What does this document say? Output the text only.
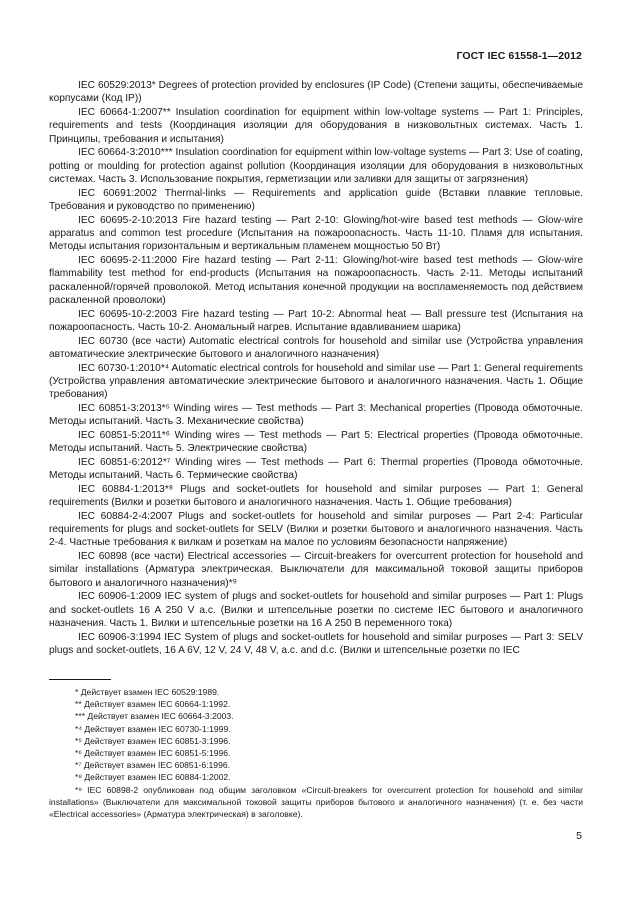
ГОСТ IEC 61558-1—2012

IEC 60529:2013* Degrees of protection provided by enclosures (IP Code) (Степени защиты, обеспечиваемые корпусами (Код IP))

IEC 60664-1:2007** Insulation coordination for equipment within low-voltage systems — Part 1: Principles, requirements and tests (Координация изоляции для оборудования в низковольтных системах. Часть 1. Принципы, требования и испытания)

IEC 60664-3:2010*** Insulation coordination for equipment within low-voltage systems — Part 3: Use of coating, potting or moulding for protection against pollution (Координация изоляции для оборудования в низковольтных системах. Часть 3. Использование покрытия, герметизации или заливки для защиты от загрязнения)

IEC 60691:2002 Thermal-links — Requirements and application guide (Вставки плавкие тепловые. Требования и руководство по применению)

IEC 60695-2-10:2013 Fire hazard testing — Part 2-10: Glowing/hot-wire based test methods — Glow-wire apparatus and common test procedure (Испытания на пожароопасность. Часть 11-10. Пламя для испытания. Методы испытания горизонтальным и вертикальным пламенем мощностью 50 Вт)

IEC 60695-2-11:2000 Fire hazard testing — Part 2-11: Glowing/hot-wire based test methods — Glow-wire flammability test method for end-products (Испытания на пожароопасность. Часть 2-11. Методы испытаний раскаленной/горячей проволокой. Метод испытания конечной продукции на воспламеняемость под действием раскаленной проволоки)

IEC 60695-10-2:2003 Fire hazard testing — Part 10-2: Abnormal heat — Ball pressure test (Испытания на пожароопасность. Часть 10-2. Аномальный нагрев. Испытание вдавливанием шарика)

IEC 60730 (все части) Automatic electrical controls for household and similar use (Устройства управления автоматические электрические бытового и аналогичного назначения)

IEC 60730-1:2010*⁴ Automatic electrical controls for household and similar use — Part 1: General requirements (Устройства управления автоматические электрические бытового и аналогичного назначения. Часть 1. Общие требования)

IEC 60851-3:2013*⁵ Winding wires — Test methods — Part 3: Mechanical properties (Провода обмоточные. Методы испытаний. Часть 3. Механические свойства)

IEC 60851-5:2011*⁶ Winding wires — Test methods — Part 5: Electrical properties (Провода обмоточные. Методы испытаний. Часть 5. Электрические свойства)

IEC 60851-6:2012*⁷ Winding wires — Test methods — Part 6: Thermal properties (Провода обмоточные. Методы испытаний. Часть 6. Термические свойства)

IEC 60884-1:2013*⁸ Plugs and socket-outlets for household and similar purposes — Part 1: General requirements (Вилки и розетки бытового и аналогичного назначения. Часть 1. Общие требования)

IEC 60884-2-4:2007 Plugs and socket-outlets for household and similar purposes — Part 2-4: Particular requirements for plugs and socket-outlets for SELV (Вилки и розетки бытового и аналогичного назначения. Часть 2-4. Частные требования к вилкам и розеткам на малое по условиям безопасности напряжение)

IEC 60898 (все части) Electrical accessories — Circuit-breakers for overcurrent protection for household and similar installations (Арматура электрическая. Выключатели для максимальной токовой защиты приборов бытового и аналогичного назначения)*⁹

IEC 60906-1:2009 IEC system of plugs and socket-outlets for household and similar purposes — Part 1: Plugs and socket-outlets 16 A 250 V a.c. (Вилки и штепсельные розетки по системе IEC бытового и аналогичного назначения. Часть 1. Вилки и штепсельные розетки на 16 А 250 В переменного тока)

IEC 60906-3:1994 IEC System of plugs and socket-outlets for household and similar purposes — Part 3: SELV plugs and socket-outlets, 16 A 6V, 12 V, 24 V, 48 V, a.c. and d.c. (Вилки и штепсельные розетки по IEC

* Действует взамен IEC 60529:1989.

** Действует взамен IEC 60664-1:1992.

*** Действует взамен IEC 60664-3:2003.

*⁴ Действует взамен IEC 60730-1:1999.

*⁵ Действует взамен IEC 60851-3:1996.

*⁶ Действует взамен IEC 60851-5:1996.

*⁷ Действует взамен IEC 60851-6:1996.

*⁸ Действует взамен IEC 60884-1:2002.

*⁹ IEC 60898-2 опубликован под общим заголовком «Circuit-breakers for overcurrent protection for household and similar installations» (Выключатели для максимальной токовой защиты приборов бытового и аналогичного назначения) (т. е. без части «Electrical accessories» (Арматура электрическая) в заголовке).

5
